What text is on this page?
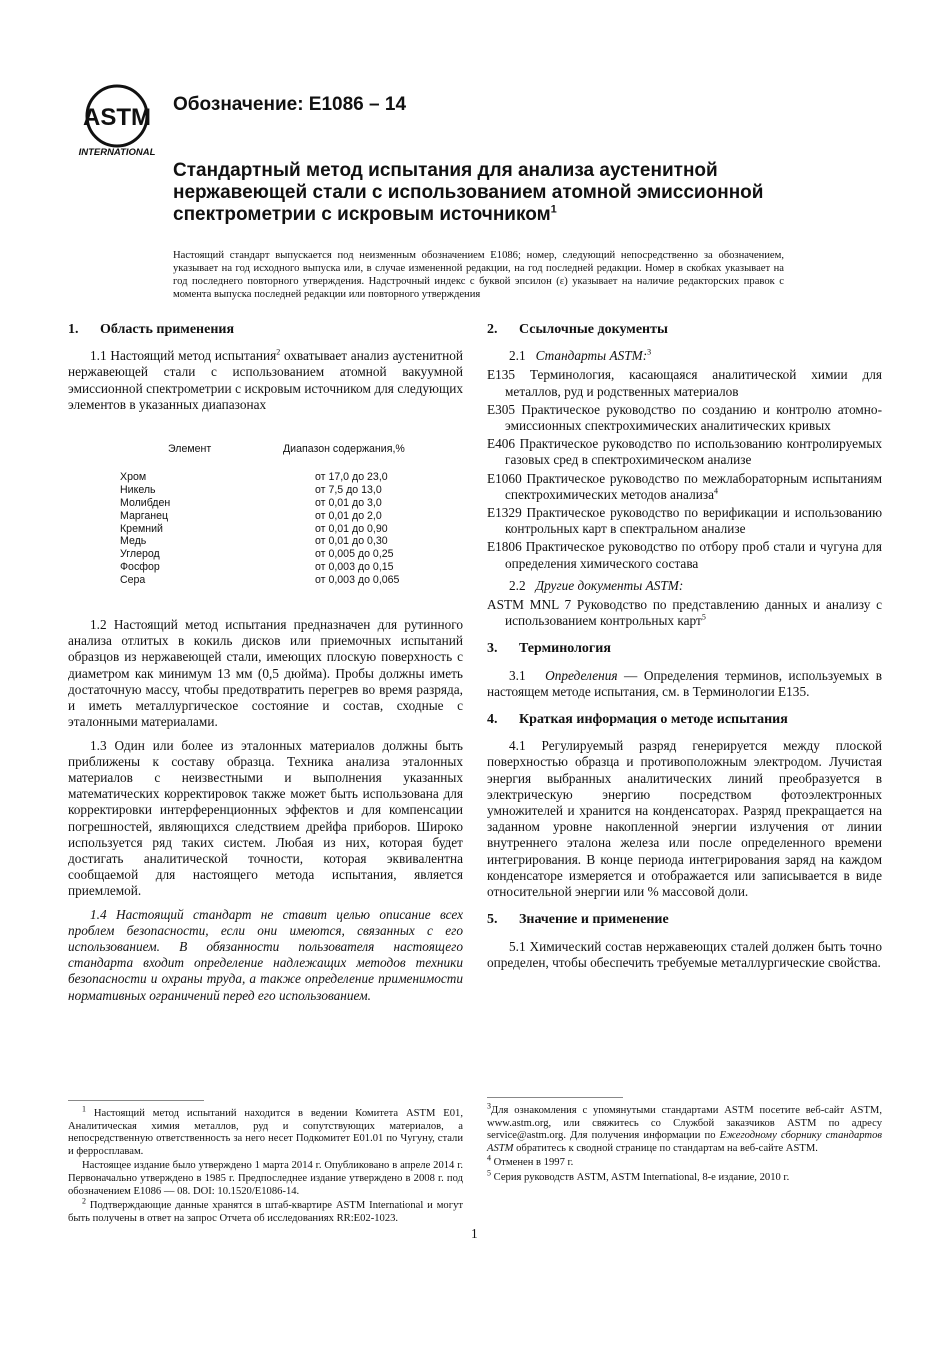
ASTM
INTERNATIONAL
Обозначение: E1086 – 14
Стандартный метод испытания для анализа аустенитной нержавеющей стали с использованием атомной эмиссионной спектрометрии с искровым источником$^1$
Настоящий стандарт выпускается под неизменным обозначением E1086; номер, следующий непосредственно за обозначением, указывает на год исходного выпуска или, в случае измененной редакции, на год последней редакции. Номер в скобках указывает на год последнего повторного утверждения. Надстрочный индекс с буквой эпсилон (ε) указывает на наличие редакторских правок с момента выпуска последней редакции или повторного утверждения
1. Область применения

1.1 Настоящий метод испытания$^2$ охватывает анализ аустенитной нержавеющей стали с использованием атомной вакуумной эмиссионной спектрометрии с искровым источником для следующих элементов в указанных диапазонах

Элемент	Диапазон содержания,%
Хром	от 17,0 до 23,0
Никель	от 7,5 до 13,0
Молибден	от 0,01 до 3,0
Марганец	от 0,01 до 2,0
Кремний	от 0,01 до 0,90
Медь	от 0,01 до 0,30
Углерод	от 0,005 до 0,25
Фосфор	от 0,003 до 0,15
Сера	от 0,003 до 0,065

1.2 Настоящий метод испытания предназначен для рутинного анализа отлитых в кокиль дисков или приемочных испытаний образцов из нержавеющей стали, имеющих плоскую поверхность с диаметром как минимум 13 мм (0,5 дюйма). Пробы должны иметь достаточную массу, чтобы предотвратить перегрев во время разряда, и иметь металлургическое состояние и состав, сходные с эталонными материалами.

1.3 Один или более из эталонных материалов должны быть приближены к составу образца. Техника анализа эталонных материалов с неизвестными и выполнения указанных математических корректировок также может быть использована для корректировки интерференционных эффектов и для компенсации погрешностей, являющихся следствием дрейфа приборов. Широко используется ряд таких систем. Любая из них, которая будет достигать аналитической точности, которая эквивалентна сообщаемой для настоящего метода испытания, является приемлемой.

1.4 Настоящий стандарт не ставит целью описание всех проблем безопасности, если они имеются, связанных с его использованием. В обязанности пользователя настоящего стандарта входит определение надлежащих методов техники безопасности и охраны труда, а также определение применимости нормативных ограничений перед его использованием.

2. Ссылочные документы

2.1 Стандарты ASTM:$^3$

E135 Терминология, касающаяся аналитической химии для металлов, руд и родственных материалов

E305 Практическое руководство по созданию и контролю атомно- эмиссионных спектрохимических аналитических кривых

E406 Практическое руководство по использованию контролируемых газовых сред в спектрохимическом анализе

E1060 Практическое руководство по межлабораторным испытаниям спектрохимических методов анализа$^4$

E1329 Практическое руководство по верификации и использованию контрольных карт в спектральном анализе

E1806 Практическое руководство по отбору проб стали и чугуна для определения химического состава

2.2 Другие документы ASTM:

ASTM MNL 7 Руководство по представлению данных и анализу с использованием контрольных карт$^5$

3. Терминология

3.1 Определения — Определения терминов, используемых в настоящем методе испытания, см. в Терминологии E135.

4. Краткая информация о методе испытания

4.1 Регулируемый разряд генерируется между плоской поверхностью образца и противоположным электродом. Лучистая энергия выбранных аналитических линий преобразуется в электрическую энергию посредством фотоэлектронных умножителей и хранится на конденсаторах. Разряд прекращается на заданном уровне накопленной энергии излучения от линии внутреннего эталона железа или после определенного времени интегрирования. В конце периода интегрирования заряд на каждом конденсаторе измеряется и отображается или записывается в виде относительной энергии или % массовой доли.

5. Значение и применение

5.1 Химический состав нержавеющих сталей должен быть точно определен, чтобы обеспечить требуемые металлургические свойства.

$^1$ Настоящий метод испытаний находится в ведении Комитета ASTM E01, Аналитическая химия металлов, руд и сопутствующих материалов, а непосредственную ответственность за него несет Подкомитет E01.01 по Чугуну, стали и ферросплавам.

Настоящее издание было утверждено 1 марта 2014 г. Опубликовано в апреле 2014 г. Первоначально утверждено в 1985 г. Предпоследнее издание утверждено в 2008 г. под обозначением E1086 — 08. DOI: 10.1520/E1086-14.

$^2$ Подтверждающие данные хранятся в штаб-квартире ASTM International и могут быть получены в ответ на запрос Отчета об исследованиях RR:E02-1023.

$^3$Для ознакомления с упомянутыми стандартами ASTM посетите веб-сайт ASTM, www.astm.org, или свяжитесь со Службой заказчиков ASTM по адресу service@astm.org. Для получения информации по Ежегодному сборнику стандартов ASTM обратитесь к сводной странице по стандартам на веб-сайте ASTM.

$^4$ Отменен в 1997 г.

$^5$ Серия руководств ASTM, ASTM International, 8-е издание, 2010 г.

1
